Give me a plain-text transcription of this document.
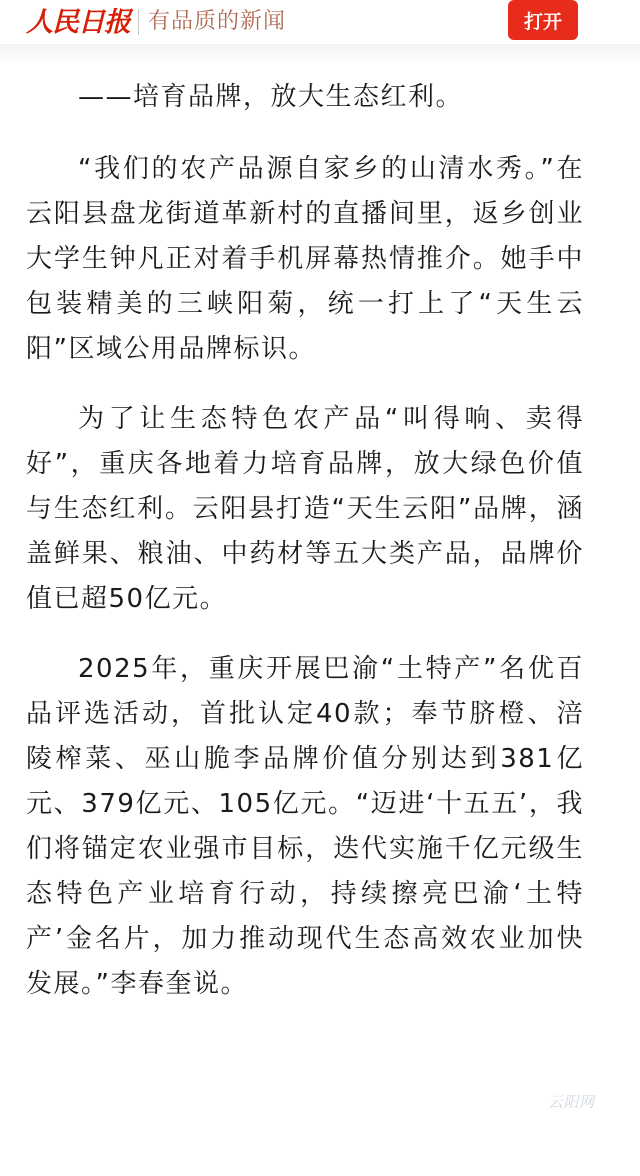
人民日报 有品质的新闻	打开

——培育品牌，放大生态红利。

“我们的农产品源自家乡的山清水秀。”在云阳县盘龙街道革新村的直播间里，返乡创业大学生钟凡正对着手机屏幕热情推介。她手中包装精美的三峡阳菊，统一打上了“天生云阳”区域公用品牌标识。

为了让生态特色农产品“叫得响、卖得好”，重庆各地着力培育品牌，放大绿色价值与生态红利。云阳县打造“天生云阳”品牌，涵盖鲜果、粮油、中药材等五大类产品，品牌价值已超50亿元。

2025年，重庆开展巴渝“土特产”名优百品评选活动，首批认定40款；奉节脐橙、涪陵榨菜、巫山脆李品牌价值分别达到381亿元、379亿元、105亿元。“迈进‘十五五’，我们将锚定农业强市目标，迭代实施千亿元级生态特色产业培育行动，持续擦亮巴渝‘土特产’金名片，加力推动现代生态高效农业加快发展。”李春奎说。

云阳网
